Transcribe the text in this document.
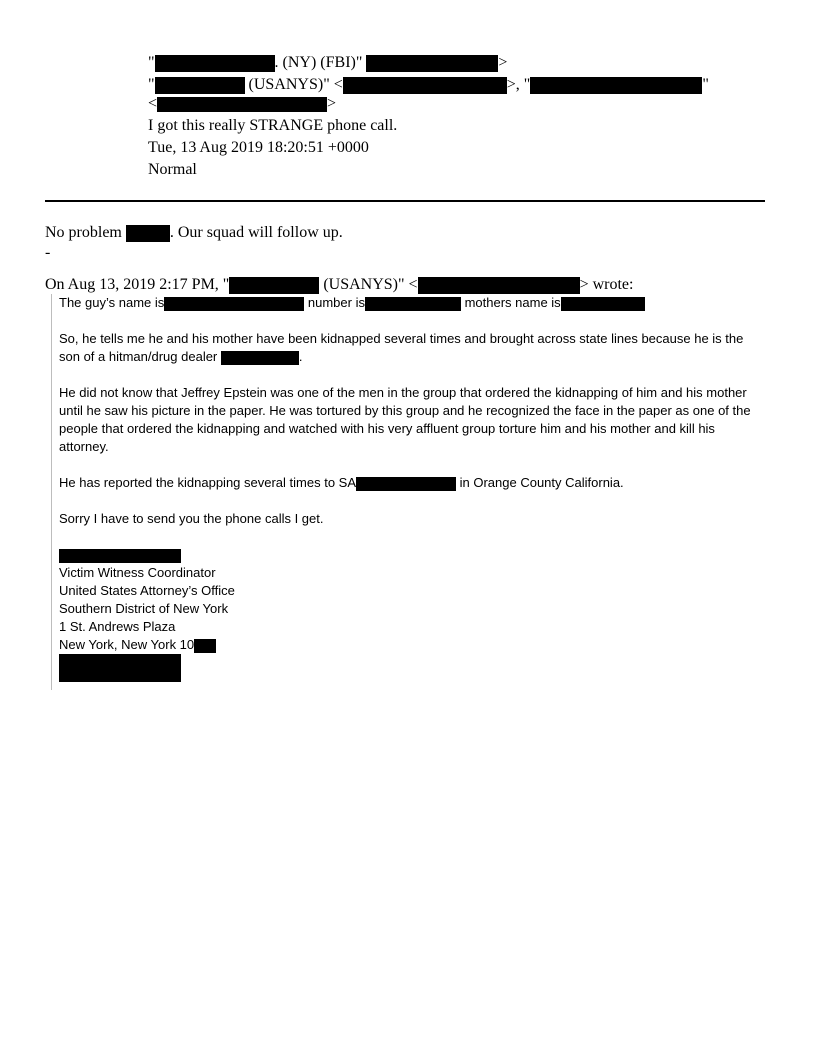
"	. (NY) (FBI)"	>
"	(USANYS)" <	>, "	"
<	>
I got this really STRANGE phone call.
Tue, 13 Aug 2019 18:20:51 +0000
Normal
No problem	. Our squad will follow up.
-
On Aug 13, 2019 2:17 PM, "	(USANYS)" <	> wrote:
The guy’s name is	number is	mothers name is
So, he tells me he and his mother have been kidnapped several times and brought across state lines because he is the son of a hitman/drug dealer	.
He did not know that Jeffrey Epstein was one of the men in the group that ordered the kidnapping of him and his mother until he saw his picture in the paper. He was tortured by this group and he recognized the face in the paper as one of the people that ordered the kidnapping and watched with his very affluent group torture him and his mother and kill his attorney.
He has reported the kidnapping several times to SA	in Orange County California.
Sorry I have to send you the phone calls I get.
Victim Witness Coordinator
United States Attorney’s Office
Southern District of New York
1 St. Andrews Plaza
New York, New York 10
